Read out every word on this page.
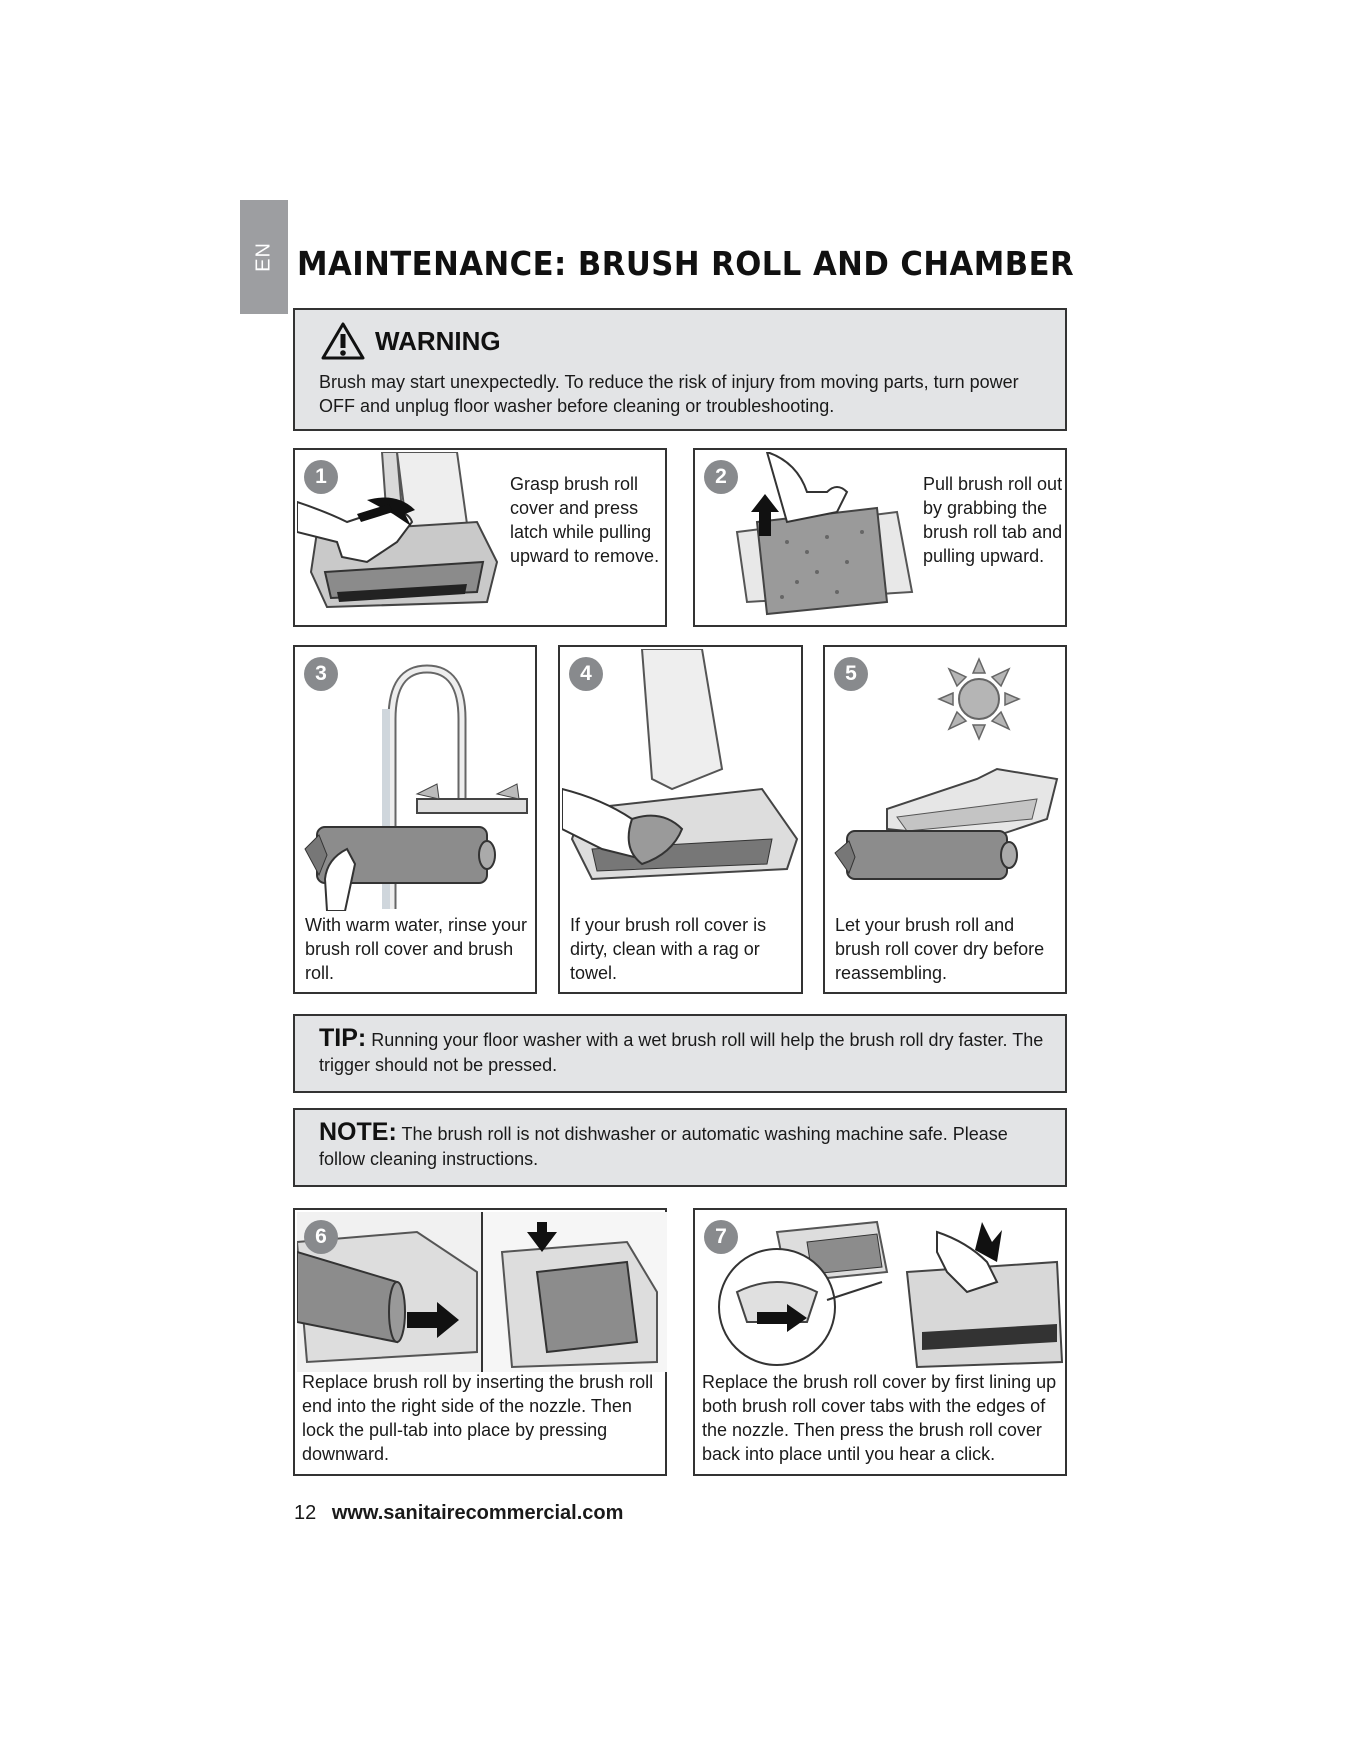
EN MAINTENANCE: BRUSH ROLL AND CHAMBER
WARNING
Brush may start unexpectedly. To reduce the risk of injury from moving parts, turn power OFF and unplug floor washer before cleaning or troubleshooting.
1	Grasp brush roll cover and press latch while pulling upward to remove.
2	Pull brush roll out by grabbing the brush roll tab and pulling upward.
3
With warm water, rinse your brush roll cover and brush roll.
4
If your brush roll cover is dirty, clean with a rag or towel.
5
Let your brush roll and brush roll cover dry before reassembling.
TIP: Running your floor washer with a wet brush roll will help the brush roll dry faster. The trigger should not be pressed.
NOTE: The brush roll is not dishwasher or automatic washing machine safe. Please follow cleaning instructions.
6
Replace brush roll by inserting the brush roll end into the right side of the nozzle. Then lock the pull-tab into place by pressing downward.
7
Replace the brush roll cover by first lining up both brush roll cover tabs with the edges of the nozzle. Then press the brush roll cover back into place until you hear a click.
12 www.sanitairecommercial.com
